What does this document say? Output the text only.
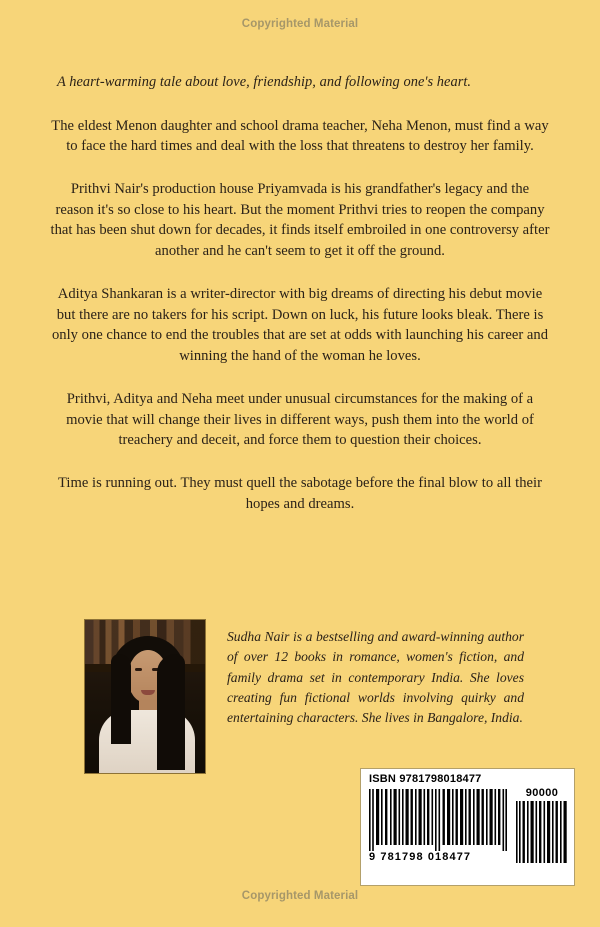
Copyrighted Material

A heart-warming tale about love, friendship, and following one's heart.

The eldest Menon daughter and school drama teacher, Neha Menon, must find a way to face the hard times and deal with the loss that threatens to destroy her family.

Prithvi Nair's production house Priyamvada is his grandfather's legacy and the reason it's so close to his heart. But the moment Prithvi tries to reopen the company that has been shut down for decades, it finds itself embroiled in one controversy after another and he can't seem to get it off the ground.

Aditya Shankaran is a writer-director with big dreams of directing his debut movie but there are no takers for his script. Down on luck, his future looks bleak. There is only one chance to end the troubles that are set at odds with launching his career and winning the hand of the woman he loves.

Prithvi, Aditya and Neha meet under unusual circumstances for the making of a movie that will change their lives in different ways, push them into the world of treachery and deceit, and force them to question their choices.

Time is running out. They must quell the sabotage before the final blow to all their hopes and dreams.

Sudha Nair is a bestselling and award-winning author of over 12 books in romance, women's fiction, and family drama set in contemporary India. She loves creating fun fictional worlds involving quirky and entertaining characters. She lives in Bangalore, India.
ISBN 9781798018477
9 781798 018477
90000
Copyrighted Material
